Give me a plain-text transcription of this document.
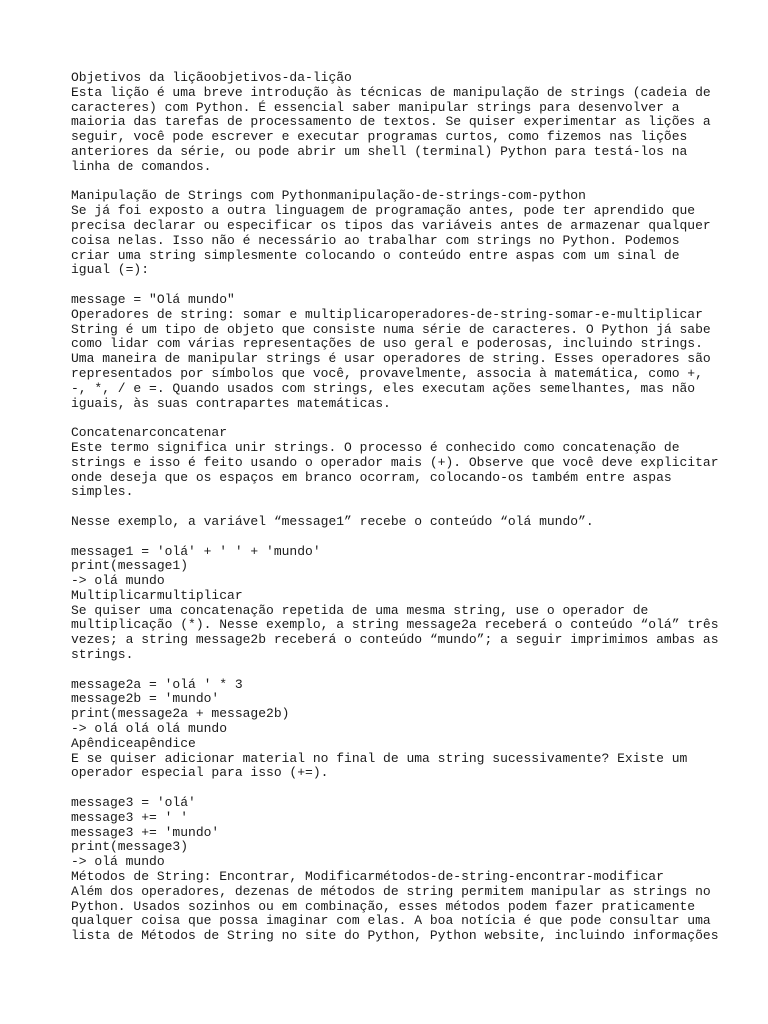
Objetivos da liçãoobjetivos-da-lição
Esta lição é uma breve introdução às técnicas de manipulação de strings (cadeia de
caracteres) com Python. É essencial saber manipular strings para desenvolver a
maioria das tarefas de processamento de textos. Se quiser experimentar as lições a
seguir, você pode escrever e executar programas curtos, como fizemos nas lições
anteriores da série, ou pode abrir um shell (terminal) Python para testá-los na
linha de comandos.
Manipulação de Strings com Pythonmanipulação-de-strings-com-python
Se já foi exposto a outra linguagem de programação antes, pode ter aprendido que
precisa declarar ou especificar os tipos das variáveis antes de armazenar qualquer
coisa nelas. Isso não é necessário ao trabalhar com strings no Python. Podemos
criar uma string simplesmente colocando o conteúdo entre aspas com um sinal de
igual (=):
message = "Olá mundo"
Operadores de string: somar e multiplicaroperadores-de-string-somar-e-multiplicar
String é um tipo de objeto que consiste numa série de caracteres. O Python já sabe
como lidar com várias representações de uso geral e poderosas, incluindo strings.
Uma maneira de manipular strings é usar operadores de string. Esses operadores são
representados por símbolos que você, provavelmente, associa à matemática, como +,
-, *, / e =. Quando usados com strings, eles executam ações semelhantes, mas não
iguais, às suas contrapartes matemáticas.
Concatenarconcatenar
Este termo significa unir strings. O processo é conhecido como concatenação de
strings e isso é feito usando o operador mais (+). Observe que você deve explicitar
onde deseja que os espaços em branco ocorram, colocando-os também entre aspas
simples.
Nesse exemplo, a variável “message1” recebe o conteúdo “olá mundo”.
message1 = 'olá' + ' ' + 'mundo'
print(message1)
-> olá mundo
Multiplicarmultiplicar
Se quiser uma concatenação repetida de uma mesma string, use o operador de
multiplicação (*). Nesse exemplo, a string message2a receberá o conteúdo “olá” três
vezes; a string message2b receberá o conteúdo “mundo”; a seguir imprimimos ambas as
strings.
message2a = 'olá ' * 3
message2b = 'mundo'
print(message2a + message2b)
-> olá olá olá mundo
Apêndiceapêndice
E se quiser adicionar material no final de uma string sucessivamente? Existe um
operador especial para isso (+=).
message3 = 'olá'
message3 += ' '
message3 += 'mundo'
print(message3)
-> olá mundo
Métodos de String: Encontrar, Modificarmétodos-de-string-encontrar-modificar
Além dos operadores, dezenas de métodos de string permitem manipular as strings no
Python. Usados sozinhos ou em combinação, esses métodos podem fazer praticamente
qualquer coisa que possa imaginar com elas. A boa notícia é que pode consultar uma
lista de Métodos de String no site do Python, Python website, incluindo informações
